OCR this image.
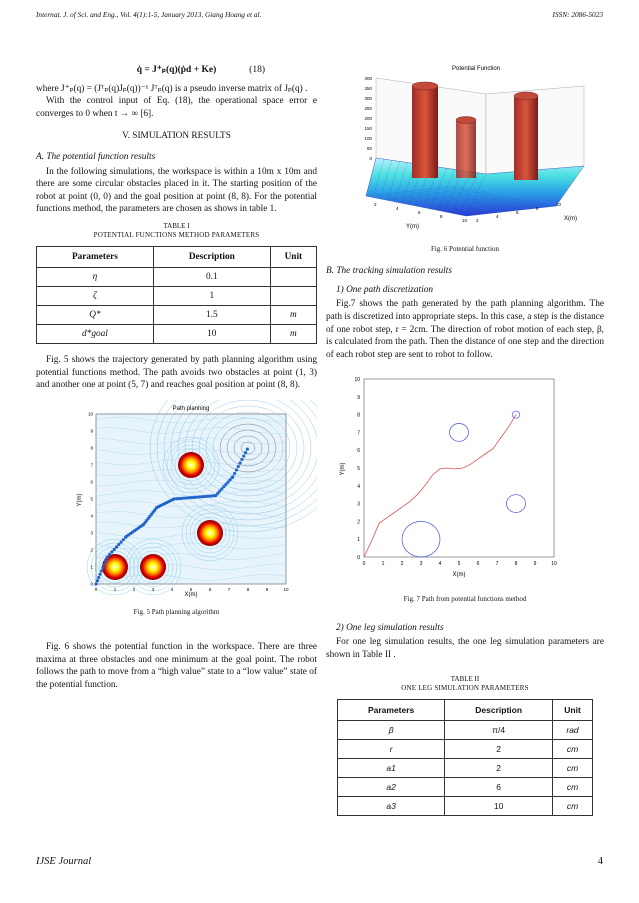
Internat. J. of Sci. and Eng., Vol. 4(1):1-5, January 2013, Giang Hoang et al.	ISSN: 2086-5023
q̇ = J⁺ₚ(q)(ṗd + Ke)	(18)

where J⁺ₚ(q) = (Jᵀₚ(q)Jₚ(q))⁻¹ Jᵀₚ(q) is a pseudo inverse matrix of Jₚ(q) .

With the control input of Eq. (18), the operational space error e converges to 0 when t → ∞ [6].

V. SIMULATION RESULTS
A. The potential function results

In the following simulations, the workspace is within a 10m x 10m and there are some circular obstacles placed in it. The starting position of the robot at point (0, 0) and the goal position at point (8, 8). For the potential functions method, the parameters are chosen as shows in table 1.

TABLE I
POTENTIAL FUNCTIONS METHOD PARAMETERS
Parameters	Description	Unit
η	0.1	
ζ	1	
Q*	1.5	m
d*goal	10	m

Fig. 5 shows the trajectory generated by path planning algorithm using potential functions method. The path avoids two obstacles at point (1, 3) and another one at point (5, 7) and reaches goal position at point (8, 8).

Path planning
0
0
1
1
2
2
3
3
4
4
5
5
6
6
7
7
8
8
9
9
10
10
X(m)
Y(m)
Fig. 5 Path planning algorithm

Fig. 6 shows the potential function in the workspace. There are three maxima at three obstacles and one minimum at the goal point. The robot follows the path to move from a “high value” state to a “low value” state of the potential function.

Potential Function
0
50
100
150
200
250
300
350
400
2
4
6
8
10 2
4
6
8
10
Y(m)
X(m)
Fig. 6 Potential function
B. The tracking simulation results
1) One path discretization

Fig.7 shows the path generated by the path planning algorithm. The path is discretized into appropriate steps. In this case, a step is the distance of one robot step, r = 2cm. The direction of robot motion of each step, β, is calculated from the path. Then the distance of one step and the direction of each robot step are sent to robot to follow.

0	1	2	3	4	5	6	7	8	9	10
0
1
2
3
4
5
6
7
8
9
10
X(m)
Y(m)
Fig. 7 Path from potential functions method
2) One leg simulation results

For one leg simulation results, the one leg simulation parameters are shown in Table II .

TABLE II
ONE LEG SIMULATION PARAMETERS
Parameters	Description	Unit
β	π/4	rad
r	2	cm
a1	2	cm
a2	6	cm
a3	10	cm
IJSE Journal	4
